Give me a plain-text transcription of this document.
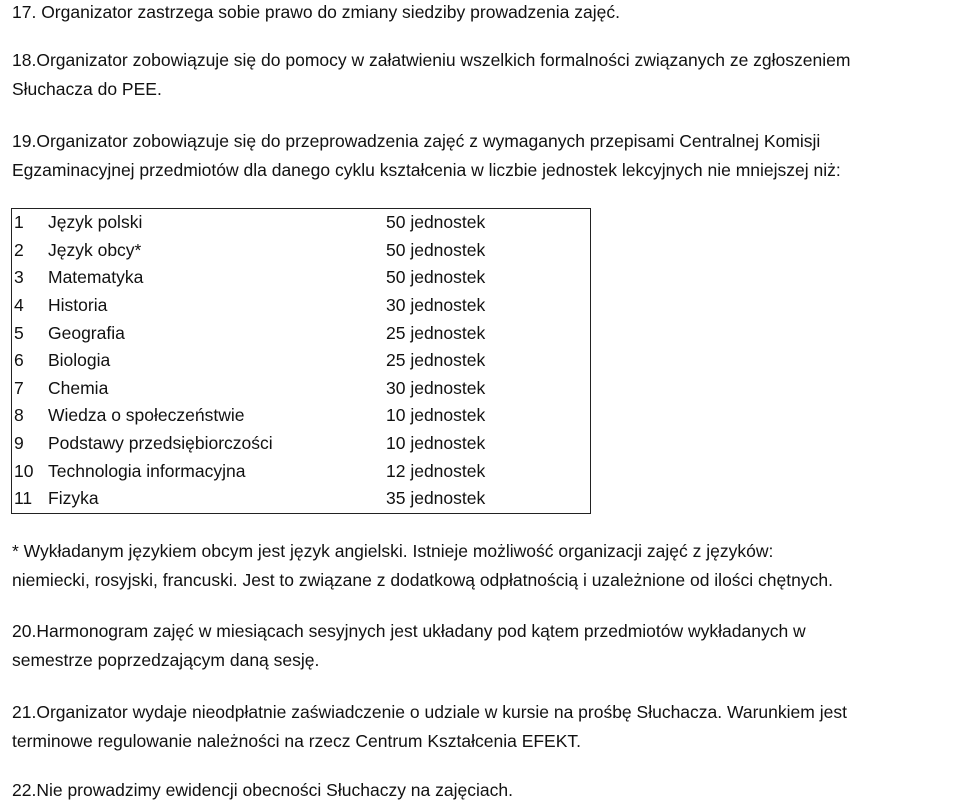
17. Organizator zastrzega sobie prawo do zmiany siedziby prowadzenia zajęć.

18.Organizator zobowiązuje się do pomocy w załatwieniu wszelkich formalności związanych ze zgłoszeniem
Słuchacza do PEE.

19.Organizator zobowiązuje się do przeprowadzenia zajęć z wymaganych przepisami Centralnej Komisji
Egzaminacyjnej przedmiotów dla danego cyklu kształcenia w liczbie jednostek lekcyjnych nie mniejszej niż:

1	Język polski	50 jednostek
2	Język obcy*	50 jednostek
3	Matematyka	50 jednostek
4	Historia	30 jednostek
5	Geografia	25 jednostek
6	Biologia	25 jednostek
7	Chemia	30 jednostek
8	Wiedza o społeczeństwie	10 jednostek
9	Podstawy przedsiębiorczości	10 jednostek
10	Technologia informacyjna	12 jednostek
11	Fizyka	35 jednostek

* Wykładanym językiem obcym jest język angielski. Istnieje możliwość organizacji zajęć z języków:
niemiecki, rosyjski, francuski. Jest to związane z dodatkową odpłatnością i uzależnione od ilości chętnych.

20.Harmonogram zajęć w miesiącach sesyjnych jest układany pod kątem przedmiotów wykładanych w
semestrze poprzedzającym daną sesję.

21.Organizator wydaje nieodpłatnie zaświadczenie o udziale w kursie na prośbę Słuchacza. Warunkiem jest
terminowe regulowanie należności na rzecz Centrum Kształcenia EFEKT.

22.Nie prowadzimy ewidencji obecności Słuchaczy na zajęciach.
